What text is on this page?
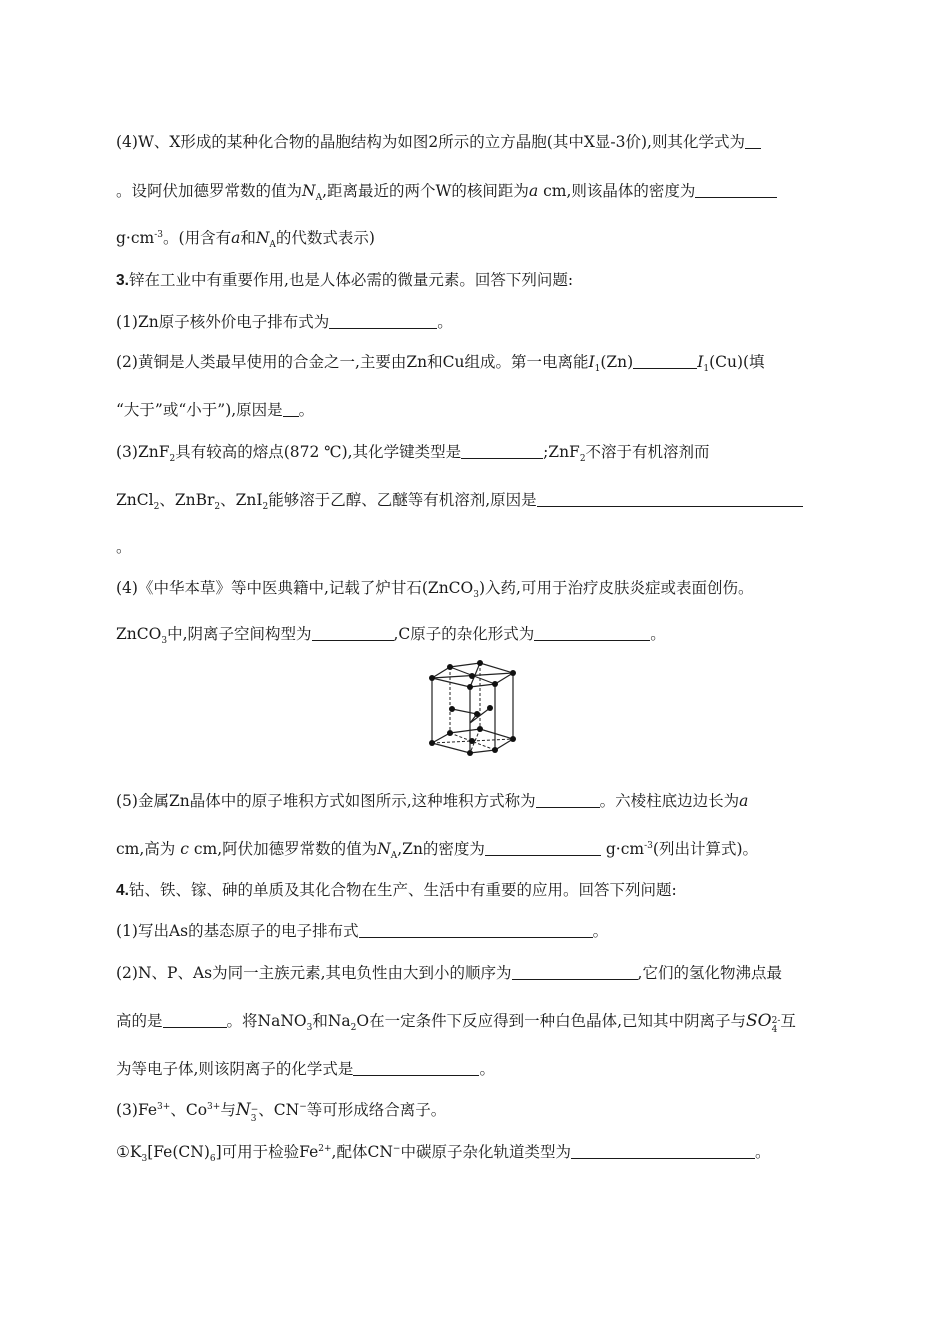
(4)W、X形成的某种化合物的晶胞结构为如图2所示的立方晶胞(其中X显-3价),则其化学式为
。设阿伏加德罗常数的值为$N_A$,距离最近的两个W的核间距为a cm,则该晶体的密度为
$g\cdot cm^{-3}$。(用含有a和$N_A$的代数式表示)
3.锌在工业中有重要作用,也是人体必需的微量元素。回答下列问题:
(1)Zn原子核外价电子排布式为	。
(2)黄铜是人类最早使用的合金之一,主要由Zn和Cu组成。第一电离能$I_1(Zn)$	$I_1(Cu)$(填
“大于”或“小于”),原因是 。
(3)ZnF$_2$具有较高的熔点(872 ℃),其化学键类型是	;ZnF$_2$不溶于有机溶剂而
ZnCl$_2$、ZnBr$_2$、ZnI$_2$能够溶于乙醇、乙醚等有机溶剂,原因是
。
(4)《中华本草》等中医典籍中,记载了炉甘石(ZnCO$_3$)入药,可用于治疗皮肤炎症或表面创伤。
ZnCO$_3$中,阴离子空间构型为	,C原子的杂化形式为	。
(5)金属Zn晶体中的原子堆积方式如图所示,这种堆积方式称为	。六棱柱底边边长为a
cm,高为 c cm,阿伏加德罗常数的值为$N_A,Zn$的密度为	$g\cdot cm^{-3}$(列出计算式)。
4.钴、铁、镓、砷的单质及其化合物在生产、生活中有重要的应用。回答下列问题:
(1)写出As的基态原子的电子排布式	。
(2)N、P、As为同一主族元素,其电负性由大到小的顺序为	,它们的氢化物沸点最
高的是	。将NaNO$_3$和$Na_2O$在一定条件下反应得到一种白色晶体,已知其中阴离子与SO2-
4 互
为等电子体,则该阴离子的化学式是	。
$(3)Fe^{3+}$、$Co^{3+}$与N−
3 、CN−等可形成络合离子。
$①K_3[Fe(CN)_6]$可用于检验$Fe^{2+}$,配体CN−中碳原子杂化轨道类型为	。
